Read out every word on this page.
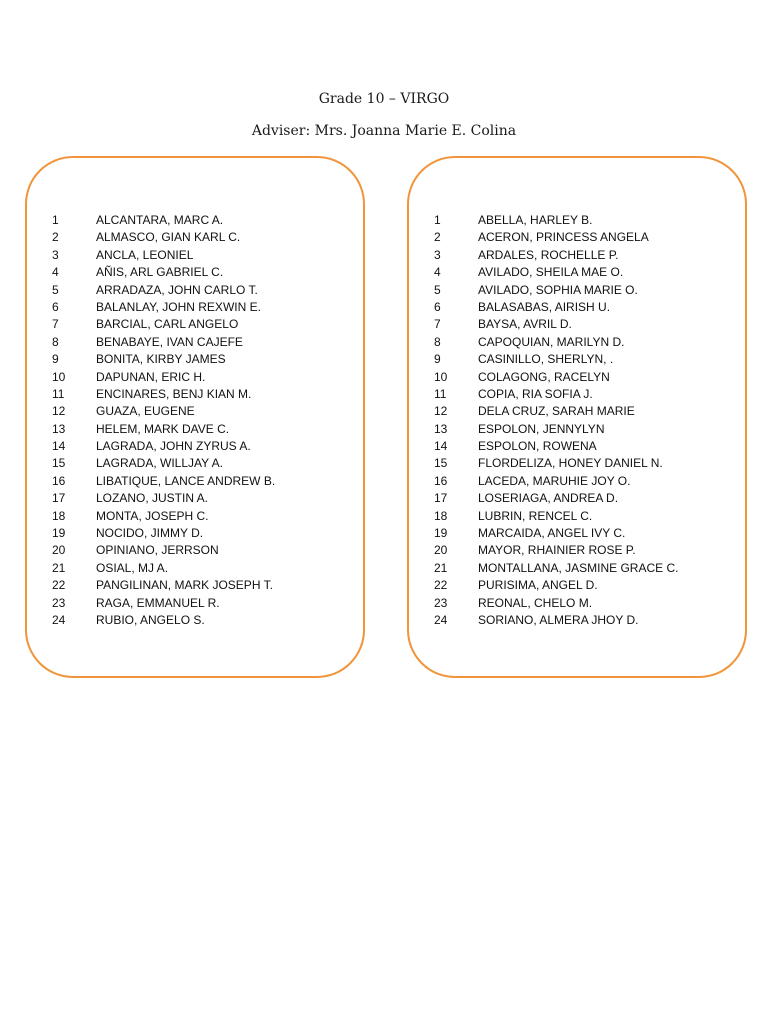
Grade 10 – VIRGO
Adviser: Mrs. Joanna Marie E. Colina
1	ALCANTARA, MARC A.
2	ALMASCO, GIAN KARL C.
3	ANCLA, LEONIEL
4	AÑIS, ARL GABRIEL C.
5	ARRADAZA, JOHN CARLO T.
6	BALANLAY, JOHN REXWIN E.
7	BARCIAL, CARL ANGELO
8	BENABAYE, IVAN CAJEFE
9	BONITA, KIRBY JAMES
10	DAPUNAN, ERIC H.
11	ENCINARES, BENJ KIAN M.
12	GUAZA, EUGENE
13	HELEM, MARK DAVE C.
14	LAGRADA, JOHN ZYRUS A.
15	LAGRADA, WILLJAY A.
16	LIBATIQUE, LANCE ANDREW B.
17	LOZANO, JUSTIN A.
18	MONTA, JOSEPH C.
19	NOCIDO, JIMMY D.
20	OPINIANO, JERRSON
21	OSIAL, MJ A.
22	PANGILINAN, MARK JOSEPH T.
23	RAGA, EMMANUEL R.
24	RUBIO, ANGELO S.
1	ABELLA, HARLEY B.
2	ACERON, PRINCESS ANGELA
3	ARDALES, ROCHELLE P.
4	AVILADO, SHEILA MAE O.
5	AVILADO, SOPHIA MARIE O.
6	BALASABAS, AIRISH U.
7	BAYSA, AVRIL D.
8	CAPOQUIAN, MARILYN D.
9	CASINILLO, SHERLYN, .
10	COLAGONG, RACELYN
11	COPIA, RIA SOFIA J.
12	DELA CRUZ, SARAH MARIE
13	ESPOLON, JENNYLYN
14	ESPOLON, ROWENA
15	FLORDELIZA, HONEY DANIEL N.
16	LACEDA, MARUHIE JOY O.
17	LOSERIAGA, ANDREA D.
18	LUBRIN, RENCEL C.
19	MARCAIDA, ANGEL IVY C.
20	MAYOR, RHAINIER ROSE P.
21	MONTALLANA, JASMINE GRACE C.
22	PURISIMA, ANGEL D.
23	REONAL, CHELO M.
24	SORIANO, ALMERA JHOY D.
